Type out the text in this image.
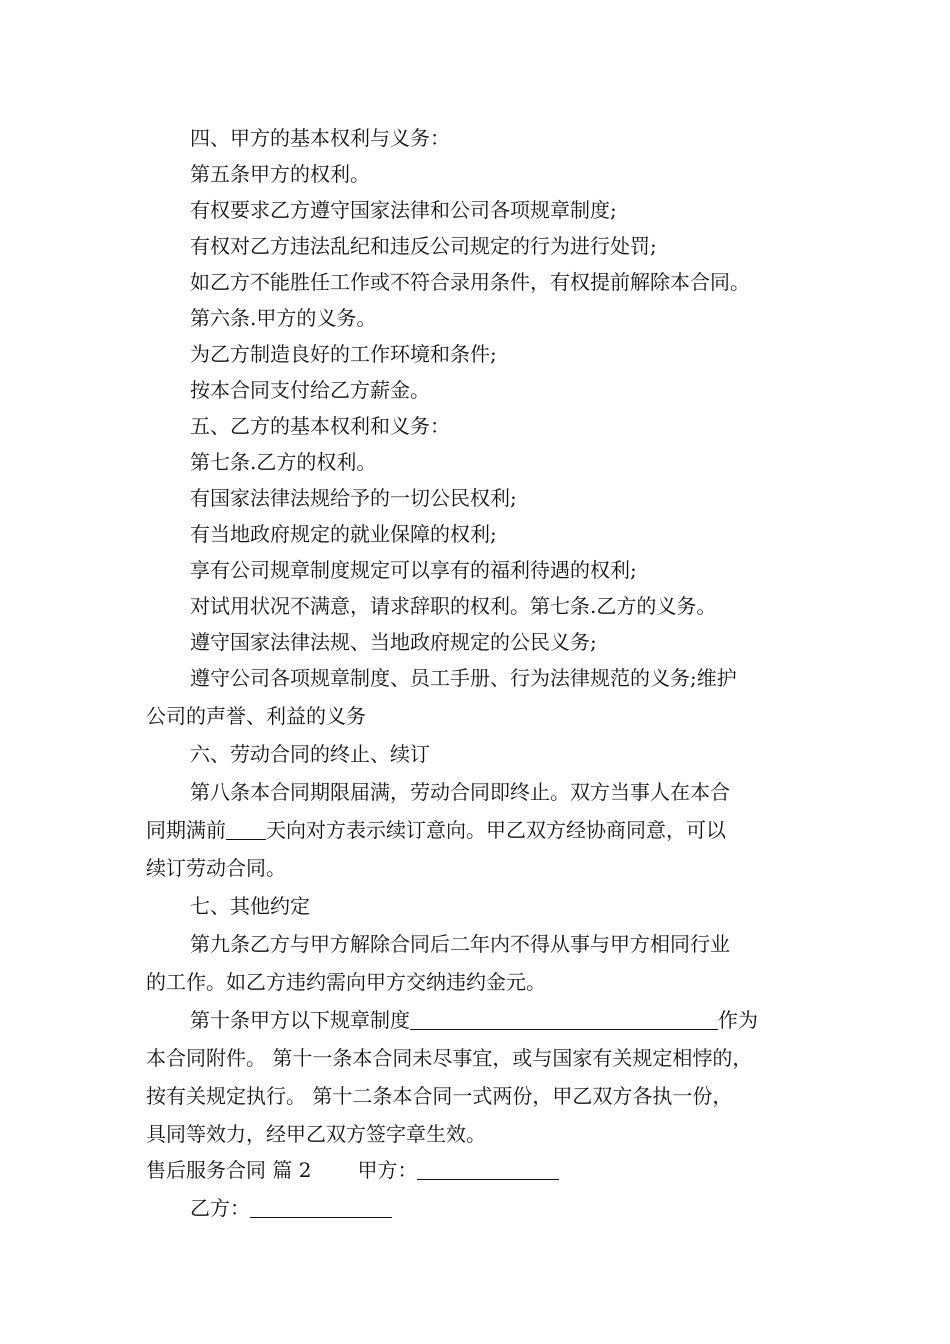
四、甲方的基本权利与义务：
第五条甲方的权利。
有权要求乙方遵守国家法律和公司各项规章制度;
有权对乙方违法乱纪和违反公司规定的行为进行处罚;
如乙方不能胜任工作或不符合录用条件，有权提前解除本合同。
第六条.甲方的义务。
为乙方制造良好的工作环境和条件;
按本合同支付给乙方薪金。
五、乙方的基本权利和义务：
第七条.乙方的权利。
有国家法律法规给予的一切公民权利;
有当地政府规定的就业保障的权利;
享有公司规章制度规定可以享有的福利待遇的权利;
对试用状况不满意，请求辞职的权利。第七条.乙方的义务。
遵守国家法律法规、当地政府规定的公民义务;
遵守公司各项规章制度、员工手册、行为法律规范的义务;维护
公司的声誉、利益的义务
六、劳动合同的终止、续订
第八条本合同期限届满，劳动合同即终止。双方当事人在本合
同期满前 天向对方表示续订意向。甲乙双方经协商同意，可以
续订劳动合同。
七、其他约定
第九条乙方与甲方解除合同后二年内不得从事与甲方相同行业
的工作。如乙方违约需向甲方交纳违约金元。
第十条甲方以下规章制度	作为
本合同附件。 第十一条本合同未尽事宜，或与国家有关规定相悖的，
按有关规定执行。 第十二条本合同一式两份，甲乙双方各执一份，
具同等效力，经甲乙双方签字章生效。
售后服务合同 篇 2 甲方：
乙方：
